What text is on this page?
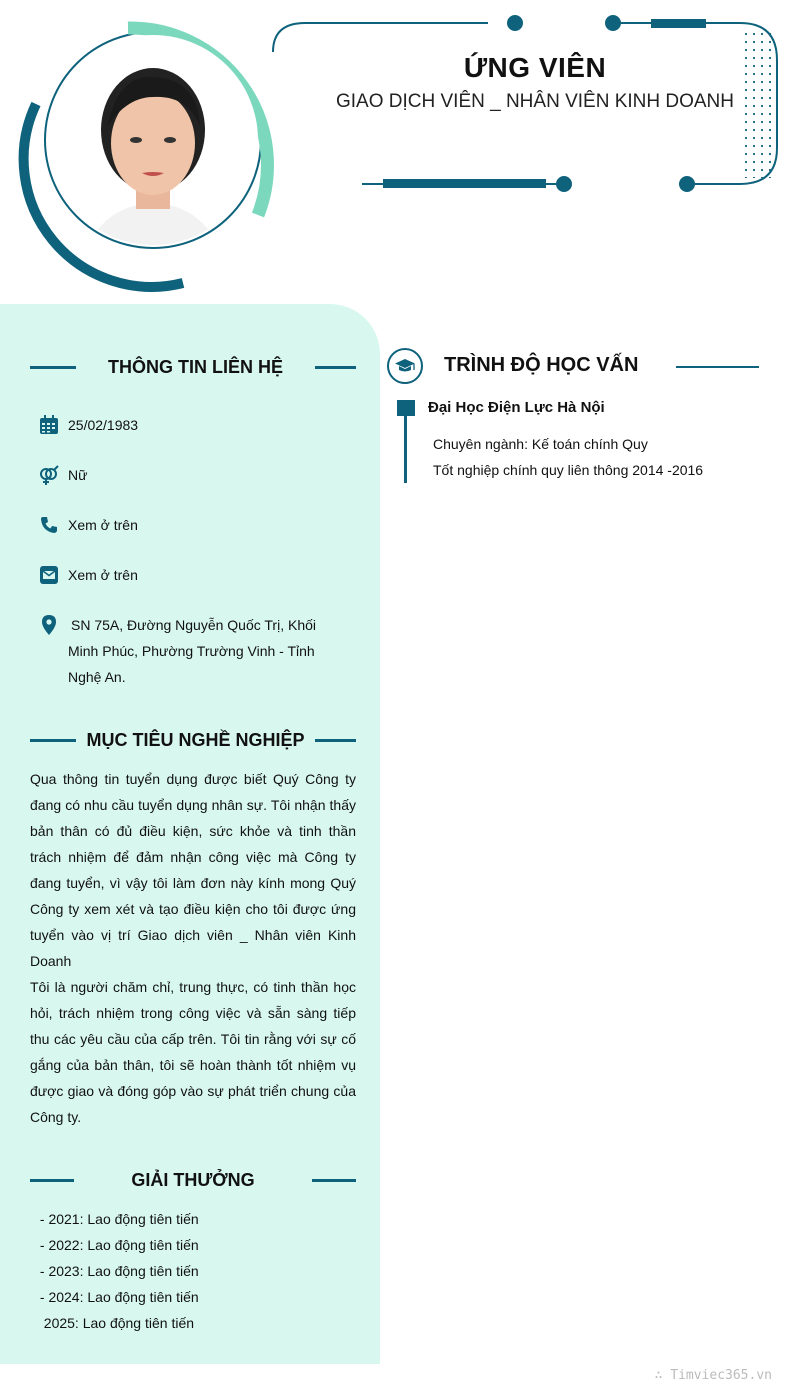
ỨNG VIÊN
GIAO DỊCH VIÊN _ NHÂN VIÊN KINH DOANH
THÔNG TIN LIÊN HỆ
25/02/1983
Nữ
Xem ở trên
Xem ở trên
SN 75A, Đường Nguyễn Quốc Trị, Khối
Minh Phúc, Phường Trường Vinh - Tỉnh
Nghệ An.
MỤC TIÊU NGHỀ NGHIỆP

Qua thông tin tuyển dụng được biết Quý Công ty đang có nhu cầu tuyển dụng nhân sự. Tôi nhận thấy bản thân có đủ điều kiện, sức khỏe và tinh thần trách nhiệm để đảm nhận công việc mà Công ty đang tuyển, vì vậy tôi làm đơn này kính mong Quý Công ty xem xét và tạo điều kiện cho tôi được ứng tuyển vào vị trí Giao dịch viên _ Nhân viên Kinh Doanh

Tôi là người chăm chỉ, trung thực, có tinh thần học hỏi, trách nhiệm trong công việc và sẵn sàng tiếp thu các yêu cầu của cấp trên. Tôi tin rằng với sự cố gắng của bản thân, tôi sẽ hoàn thành tốt nhiệm vụ được giao và đóng góp vào sự phát triển chung của Công ty.

GIẢI THƯỞNG
- 2021: Lao động tiên tiến
- 2022: Lao động tiên tiến
- 2023: Lao động tiên tiến
- 2024: Lao động tiên tiến
2025: Lao động tiên tiến
TRÌNH ĐỘ HỌC VẤN
Đại Học Điện Lực Hà Nội
Chuyên ngành: Kế toán chính Quy
Tốt nghiệp chính quy liên thông 2014 -2016
∴ Timviec365.vn
